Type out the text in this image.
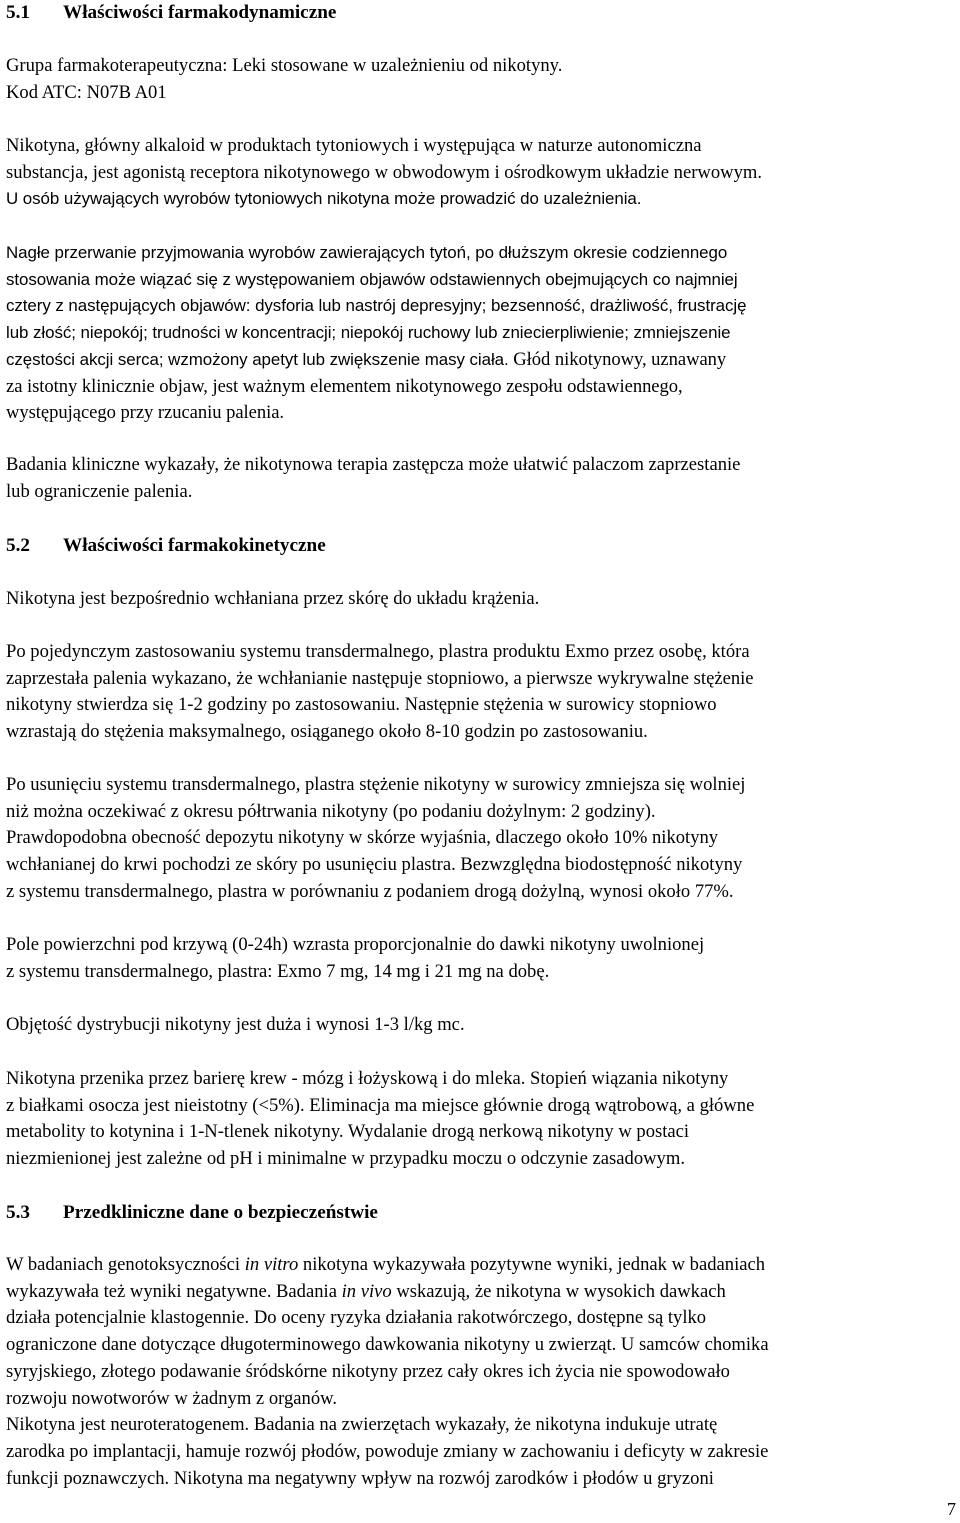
5.1	Właściwości farmakodynamiczne

Grupa farmakoterapeutyczna: Leki stosowane w uzależnieniu od nikotyny.
Kod ATC: N07B A01

Nikotyna, główny alkaloid w produktach tytoniowych i występująca w naturze autonomiczna
substancja, jest agonistą receptora nikotynowego w obwodowym i ośrodkowym układzie nerwowym.
U osób używających wyrobów tytoniowych nikotyna może prowadzić do uzależnienia.

Nagłe przerwanie przyjmowania wyrobów zawierających tytoń, po dłuższym okresie codziennego
stosowania może wiązać się z występowaniem objawów odstawiennych obejmujących co najmniej
cztery z następujących objawów: dysforia lub nastrój depresyjny; bezsenność, drażliwość, frustrację
lub złość; niepokój; trudności w koncentracji; niepokój ruchowy lub zniecierpliwienie; zmniejszenie
częstości akcji serca; wzmożony apetyt lub zwiększenie masy ciała. Głód nikotynowy, uznawany
za istotny klinicznie objaw, jest ważnym elementem nikotynowego zespołu odstawiennego,
występującego przy rzucaniu palenia.

Badania kliniczne wykazały, że nikotynowa terapia zastępcza może ułatwić palaczom zaprzestanie
lub ograniczenie palenia.

5.2	Właściwości farmakokinetyczne

Nikotyna jest bezpośrednio wchłaniana przez skórę do układu krążenia.

Po pojedynczym zastosowaniu systemu transdermalnego, plastra produktu Exmo przez osobę, która
zaprzestała palenia wykazano, że wchłanianie następuje stopniowo, a pierwsze wykrywalne stężenie
nikotyny stwierdza się 1-2 godziny po zastosowaniu. Następnie stężenia w surowicy stopniowo
wzrastają do stężenia maksymalnego, osiąganego około 8-10 godzin po zastosowaniu.

Po usunięciu systemu transdermalnego, plastra stężenie nikotyny w surowicy zmniejsza się wolniej
niż można oczekiwać z okresu półtrwania nikotyny (po podaniu dożylnym: 2 godziny).
Prawdopodobna obecność depozytu nikotyny w skórze wyjaśnia, dlaczego około 10% nikotyny
wchłanianej do krwi pochodzi ze skóry po usunięciu plastra. Bezwzględna biodostępność nikotyny
z systemu transdermalnego, plastra w porównaniu z podaniem drogą dożylną, wynosi około 77%.

Pole powierzchni pod krzywą (0-24h) wzrasta proporcjonalnie do dawki nikotyny uwolnionej
z systemu transdermalnego, plastra: Exmo 7 mg, 14 mg i 21 mg na dobę.

Objętość dystrybucji nikotyny jest duża i wynosi 1-3 l/kg mc.

Nikotyna przenika przez barierę krew - mózg i łożyskową i do mleka. Stopień wiązania nikotyny
z białkami osocza jest nieistotny (<5%). Eliminacja ma miejsce głównie drogą wątrobową, a główne
metabolity to kotynina i 1-N-tlenek nikotyny. Wydalanie drogą nerkową nikotyny w postaci
niezmienionej jest zależne od pH i minimalne w przypadku moczu o odczynie zasadowym.

5.3	Przedkliniczne dane o bezpieczeństwie

W badaniach genotoksyczności in vitro nikotyna wykazywała pozytywne wyniki, jednak w badaniach
wykazywała też wyniki negatywne. Badania in vivo wskazują, że nikotyna w wysokich dawkach
działa potencjalnie klastogennie. Do oceny ryzyka działania rakotwórczego, dostępne są tylko
ograniczone dane dotyczące długoterminowego dawkowania nikotyny u zwierząt. U samców chomika
syryjskiego, złotego podawanie śródskórne nikotyny przez cały okres ich życia nie spowodowało
rozwoju nowotworów w żadnym z organów.
Nikotyna jest neuroteratogenem. Badania na zwierzętach wykazały, że nikotyna indukuje utratę
zarodka po implantacji, hamuje rozwój płodów, powoduje zmiany w zachowaniu i deficyty w zakresie
funkcji poznawczych. Nikotyna ma negatywny wpływ na rozwój zarodków i płodów u gryzoni

7
